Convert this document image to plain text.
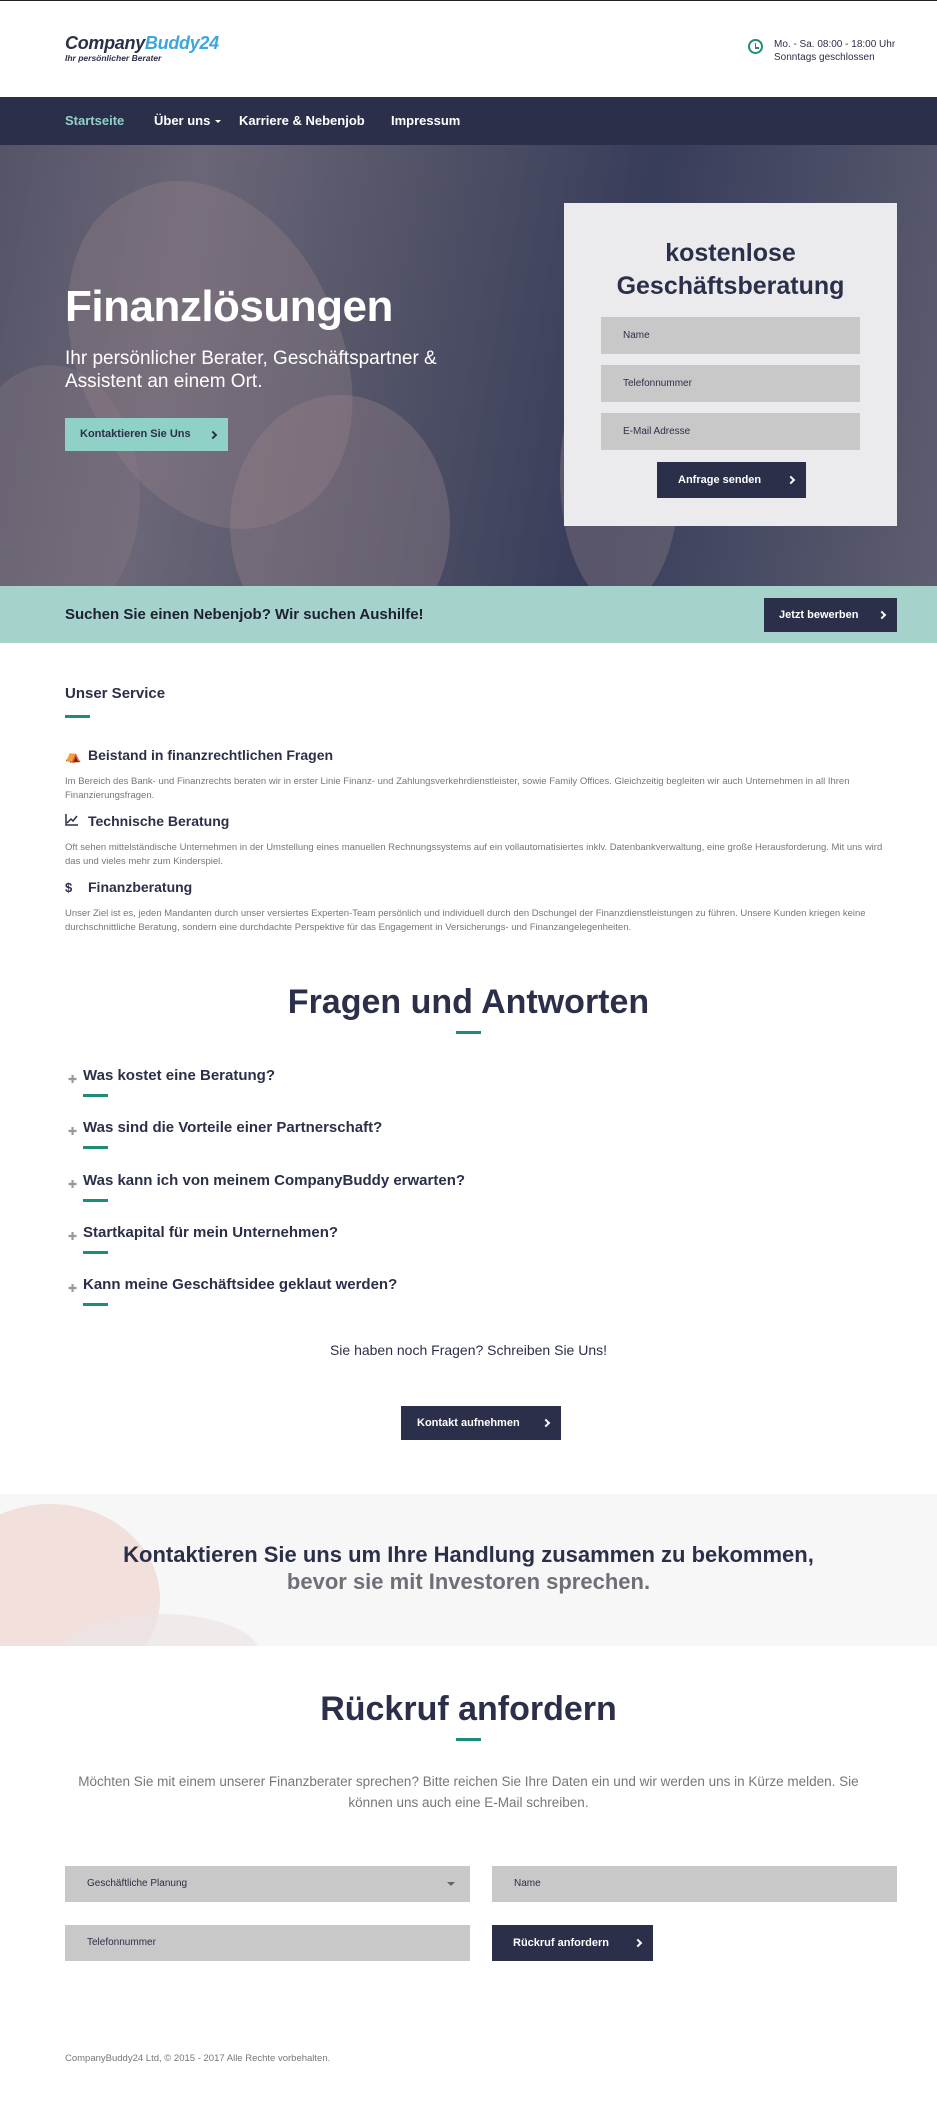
CompanyBuddy24
Ihr persönlicher Berater
Mo. - Sa. 08:00 - 18:00 Uhr
Sonntags geschlossen
Startseite Über uns	Karriere & Nebenjob Impressum
Finanzlösungen
Ihr persönlicher Berater, Geschäftspartner & Assistent an einem Ort.
Kontaktieren Sie Uns
kostenlose
Geschäftsberatung
Name
Telefonnummer
E-Mail Adresse
Anfrage senden
Suchen Sie einen Nebenjob? Wir suchen Aushilfe!	Jetzt bewerben
Unser Service
⛺ Beistand in finanzrechtlichen Fragen
Im Bereich des Bank- und Finanzrechts beraten wir in erster Linie Finanz- und Zahlungsverkehrdienstleister, sowie Family Offices. Gleichzeitig begleiten wir auch Unternehmen in all Ihren Finanzierungsfragen.
Technische Beratung
Oft sehen mittelständische Unternehmen in der Umstellung eines manuellen Rechnungssystems auf ein vollautomatisiertes inklv. Datenbankverwaltung, eine große Herausforderung. Mit uns wird das und vieles mehr zum Kinderspiel.
$ Finanzberatung
Unser Ziel ist es, jeden Mandanten durch unser versiertes Experten-Team persönlich und individuell durch den Dschungel der Finanzdienstleistungen zu führen. Unsere Kunden kriegen keine durchschnittliche Beratung, sondern eine durchdachte Perspektive für das Engagement in Versicherungs- und Finanzangelegenheiten.
Fragen und Antworten
✚ Was kostet eine Beratung?
✚ Was sind die Vorteile einer Partnerschaft?
✚ Was kann ich von meinem CompanyBuddy erwarten?
✚ Startkapital für mein Unternehmen?
✚ Kann meine Geschäftsidee geklaut werden?
Sie haben noch Fragen? Schreiben Sie Uns!
Kontakt aufnehmen
Kontaktieren Sie uns um Ihre Handlung zusammen zu bekommen,
bevor sie mit Investoren sprechen.
Rückruf anfordern
Möchten Sie mit einem unserer Finanzberater sprechen? Bitte reichen Sie Ihre Daten ein und wir werden uns in Kürze melden. Sie können uns auch eine E-Mail schreiben.
Geschäftliche Planung	Name
Telefonnummer	Rückruf anfordern
CompanyBuddy24 Ltd, © 2015 - 2017 Alle Rechte vorbehalten.
